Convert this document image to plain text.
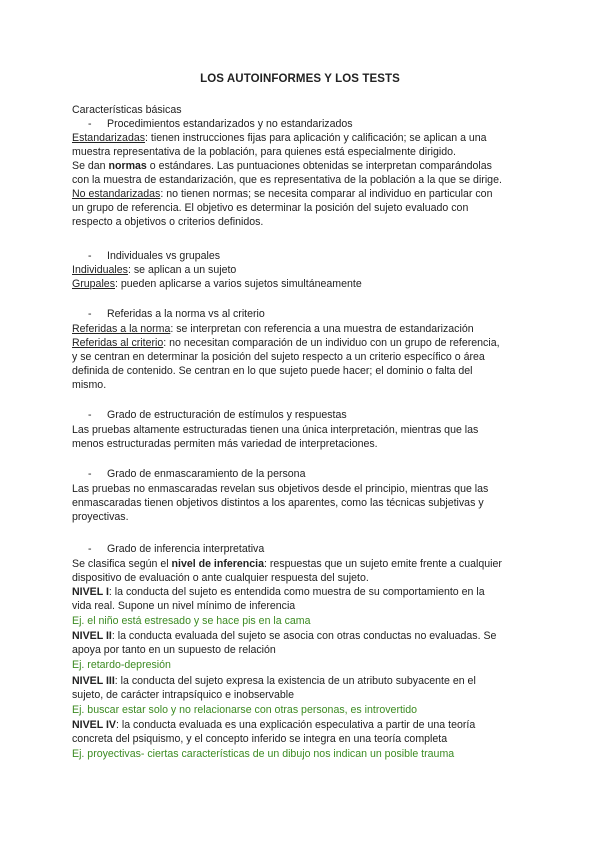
LOS AUTOINFORMES Y LOS TESTS
Características básicas
- Procedimientos estandarizados y no estandarizados
Estandarizadas: tienen instrucciones fijas para aplicación y calificación; se aplican a una
muestra representativa de la población, para quienes está especialmente dirigido.
Se dan normas o estándares. Las puntuaciones obtenidas se interpretan comparándolas
con la muestra de estandarización, que es representativa de la población a la que se dirige.
No estandarizadas: no tienen normas; se necesita comparar al individuo en particular con
un grupo de referencia. El objetivo es determinar la posición del sujeto evaluado con
respecto a objetivos o criterios definidos.
- Individuales vs grupales
Individuales: se aplican a un sujeto
Grupales: pueden aplicarse a varios sujetos simultáneamente
- Referidas a la norma vs al criterio
Referidas a la norma: se interpretan con referencia a una muestra de estandarización
Referidas al criterio: no necesitan comparación de un individuo con un grupo de referencia,
y se centran en determinar la posición del sujeto respecto a un criterio específico o área
definida de contenido. Se centran en lo que sujeto puede hacer; el dominio o falta del
mismo.
- Grado de estructuración de estímulos y respuestas
Las pruebas altamente estructuradas tienen una única interpretación, mientras que las
menos estructuradas permiten más variedad de interpretaciones.
- Grado de enmascaramiento de la persona
Las pruebas no enmascaradas revelan sus objetivos desde el principio, mientras que las
enmascaradas tienen objetivos distintos a los aparentes, como las técnicas subjetivas y
proyectivas.
- Grado de inferencia interpretativa
Se clasifica según el nivel de inferencia: respuestas que un sujeto emite frente a cualquier
dispositivo de evaluación o ante cualquier respuesta del sujeto.
NIVEL I: la conducta del sujeto es entendida como muestra de su comportamiento en la
vida real. Supone un nivel mínimo de inferencia
Ej. el niño está estresado y se hace pis en la cama
NIVEL II: la conducta evaluada del sujeto se asocia con otras conductas no evaluadas. Se
apoya por tanto en un supuesto de relación
Ej. retardo-depresión
NIVEL III: la conducta del sujeto expresa la existencia de un atributo subyacente en el
sujeto, de carácter intrapsíquico e inobservable
Ej. buscar estar solo y no relacionarse con otras personas, es introvertido
NIVEL IV: la conducta evaluada es una explicación especulativa a partir de una teoría
concreta del psiquismo, y el concepto inferido se integra en una teoría completa
Ej. proyectivas- ciertas características de un dibujo nos indican un posible trauma
